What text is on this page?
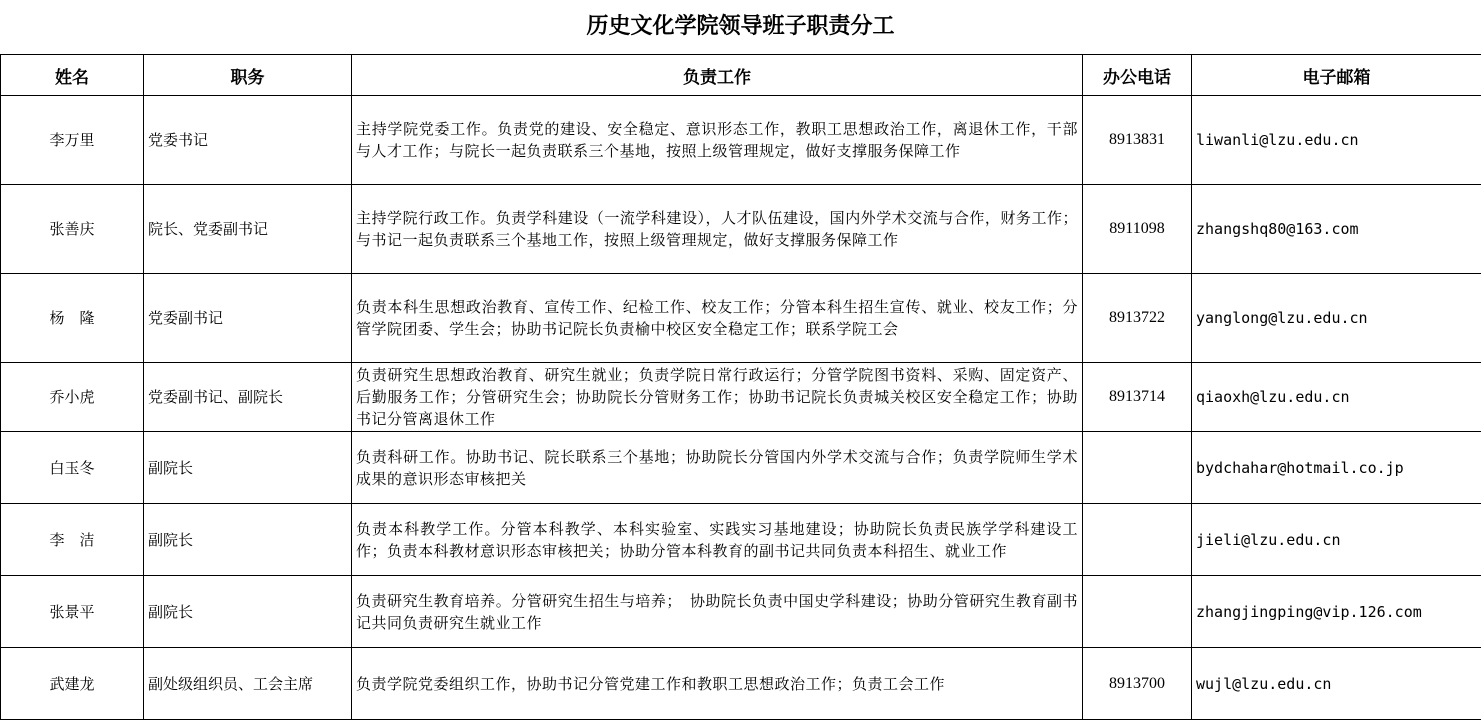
历史文化学院领导班子职责分工
姓名	职务	负责工作	办公电话	电子邮箱
李万里	党委书记	主持学院党委工作。负责党的建设、安全稳定、意识形态工作，教职工思想政治工作，离退休工作，干部与人才工作；与院长一起负责联系三个基地，按照上级管理规定，做好支撑服务保障工作	8913831	liwanli@lzu.edu.cn
张善庆	院长、党委副书记	主持学院行政工作。负责学科建设（一流学科建设），人才队伍建设，国内外学术交流与合作，财务工作；与书记一起负责联系三个基地工作，按照上级管理规定，做好支撑服务保障工作	8911098	zhangshq80@163.com
杨　隆	党委副书记	负责本科生思想政治教育、宣传工作、纪检工作、校友工作；分管本科生招生宣传、就业、校友工作；分管学院团委、学生会；协助书记院长负责榆中校区安全稳定工作；联系学院工会	8913722	yanglong@lzu.edu.cn
乔小虎	党委副书记、副院长	负责研究生思想政治教育、研究生就业；负责学院日常行政运行；分管学院图书资料、采购、固定资产、后勤服务工作；分管研究生会；协助院长分管财务工作；协助书记院长负责城关校区安全稳定工作；协助书记分管离退休工作	8913714	qiaoxh@lzu.edu.cn
白玉冬	副院长	负责科研工作。协助书记、院长联系三个基地；协助院长分管国内外学术交流与合作；负责学院师生学术成果的意识形态审核把关		bydchahar@hotmail.co.jp
李　洁	副院长	负责本科教学工作。分管本科教学、本科实验室、实践实习基地建设；协助院长负责民族学学科建设工作；负责本科教材意识形态审核把关；协助分管本科教育的副书记共同负责本科招生、就业工作		jieli@lzu.edu.cn
张景平	副院长	负责研究生教育培养。分管研究生招生与培养；　协助院长负责中国史学科建设；协助分管研究生教育副书记共同负责研究生就业工作		zhangjingping@vip.126.com
武建龙	副处级组织员、工会主席	负责学院党委组织工作，协助书记分管党建工作和教职工思想政治工作；负责工会工作	8913700	wujl@lzu.edu.cn
